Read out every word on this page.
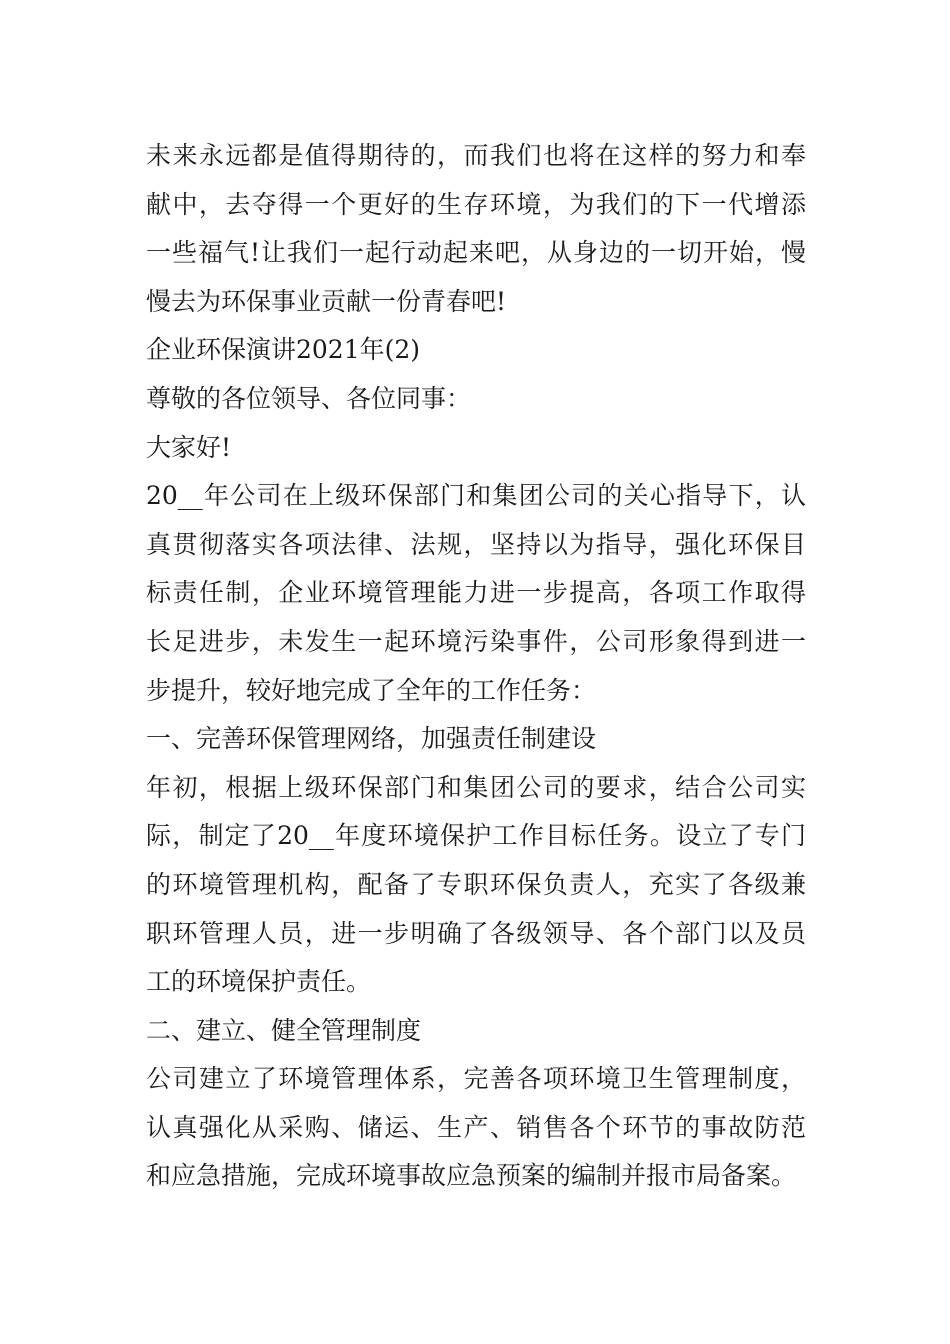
未来永远都是值得期待的，而我们也将在这样的努力和奉
献中，去夺得一个更好的生存环境，为我们的下一代增添
一些福气!让我们一起行动起来吧，从身边的一切开始，慢
慢去为环保事业贡献一份青春吧!
企业环保演讲2021年(2)
尊敬的各位领导、各位同事：
大家好!
20__年公司在上级环保部门和集团公司的关心指导下，认
真贯彻落实各项法律、法规，坚持以为指导，强化环保目
标责任制，企业环境管理能力进一步提高，各项工作取得
长足进步，未发生一起环境污染事件，公司形象得到进一
步提升，较好地完成了全年的工作任务：
一、完善环保管理网络，加强责任制建设
年初，根据上级环保部门和集团公司的要求，结合公司实
际，制定了20__年度环境保护工作目标任务。设立了专门
的环境管理机构，配备了专职环保负责人，充实了各级兼
职环管理人员，进一步明确了各级领导、各个部门以及员
工的环境保护责任。
二、建立、健全管理制度
公司建立了环境管理体系，完善各项环境卫生管理制度，
认真强化从采购、储运、生产、销售各个环节的事故防范
和应急措施，完成环境事故应急预案的编制并报市局备案。
